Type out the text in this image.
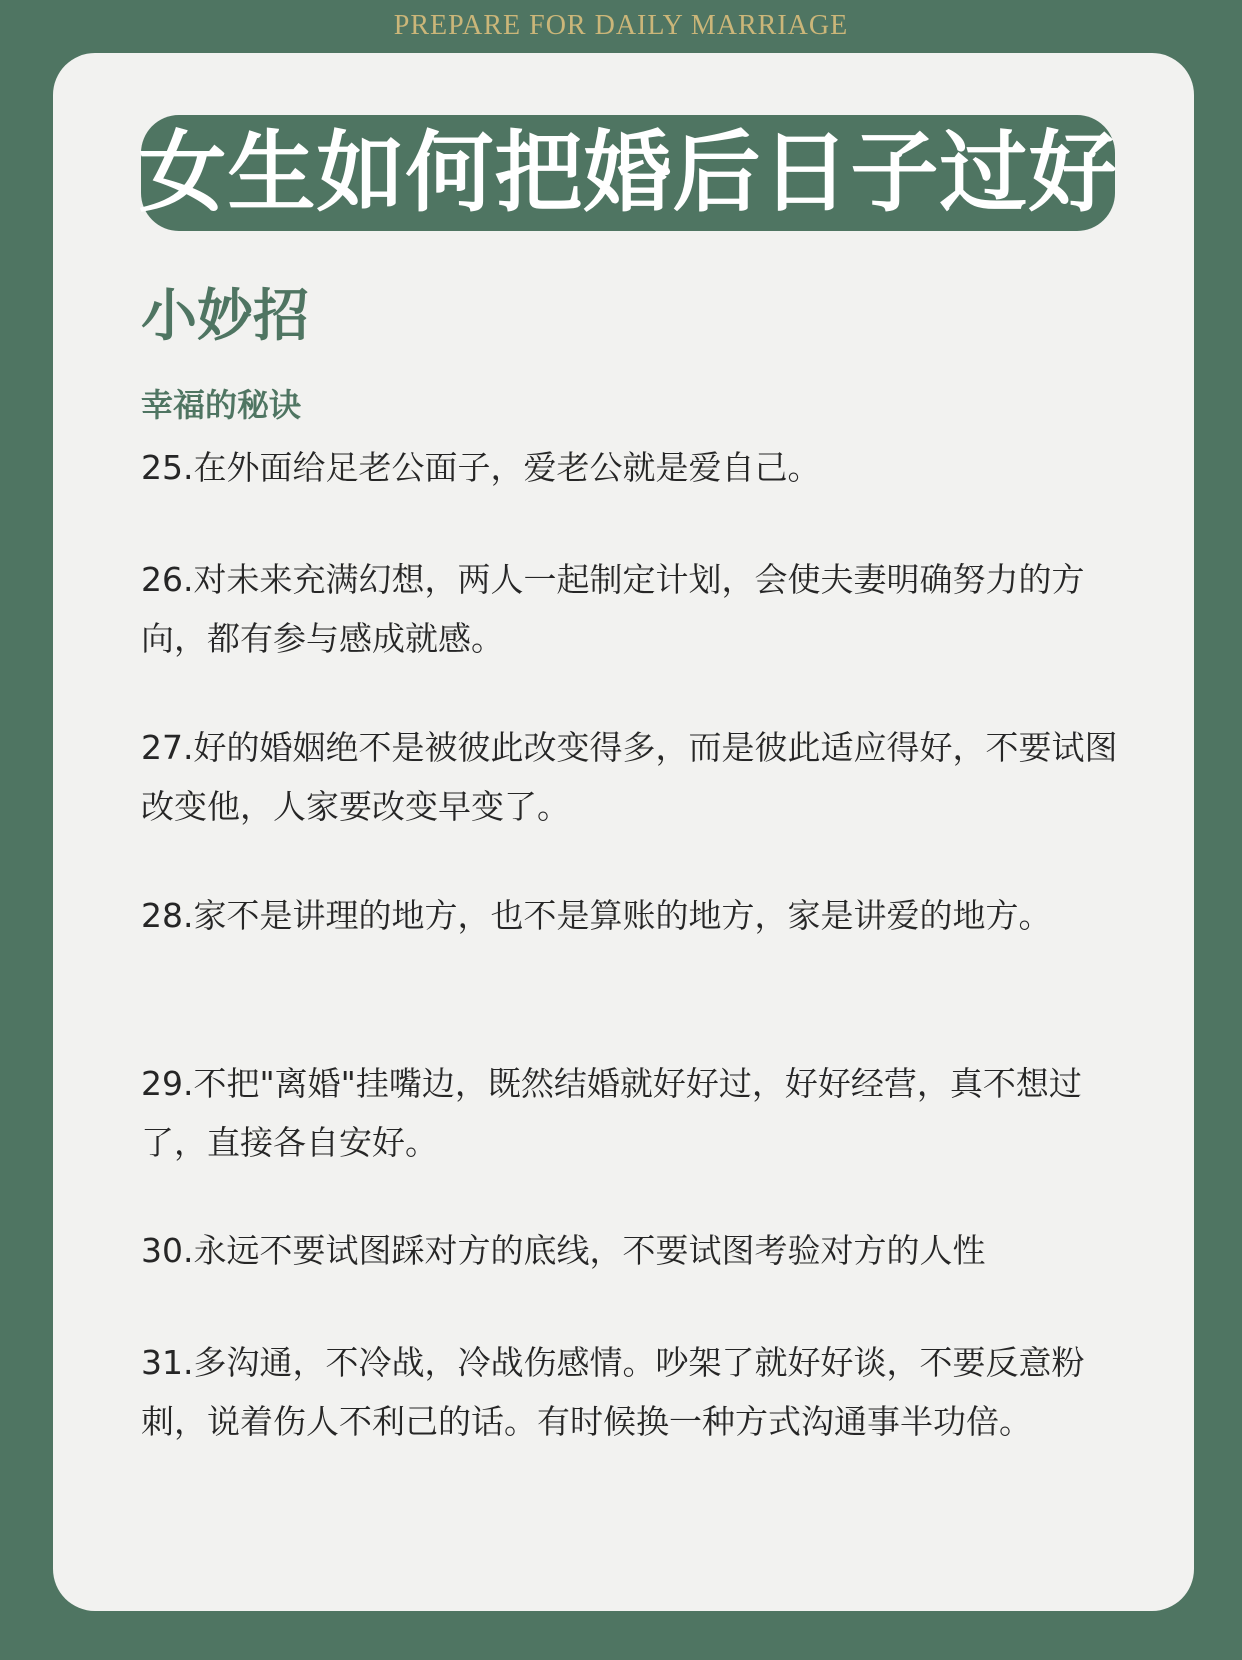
PREPARE FOR DAILY MARRIAGE
女生如何把婚后日子过好
小妙招
幸福的秘诀
25.在外面给足老公面子，爱老公就是爱自己。
26.对未来充满幻想，两人一起制定计划，会使夫妻明确努力的方向，都有参与感成就感。
27.好的婚姻绝不是被彼此改变得多，而是彼此适应得好，不要试图改变他，人家要改变早变了。
28.家不是讲理的地方，也不是算账的地方，家是讲爱的地方。
29.不把"离婚"挂嘴边，既然结婚就好好过，好好经营，真不想过了，直接各自安好。
30.永远不要试图踩对方的底线，不要试图考验对方的人性
31.多沟通，不冷战，冷战伤感情。吵架了就好好谈，不要反意粉刺，说着伤人不利己的话。有时候换一种方式沟通事半功倍。
